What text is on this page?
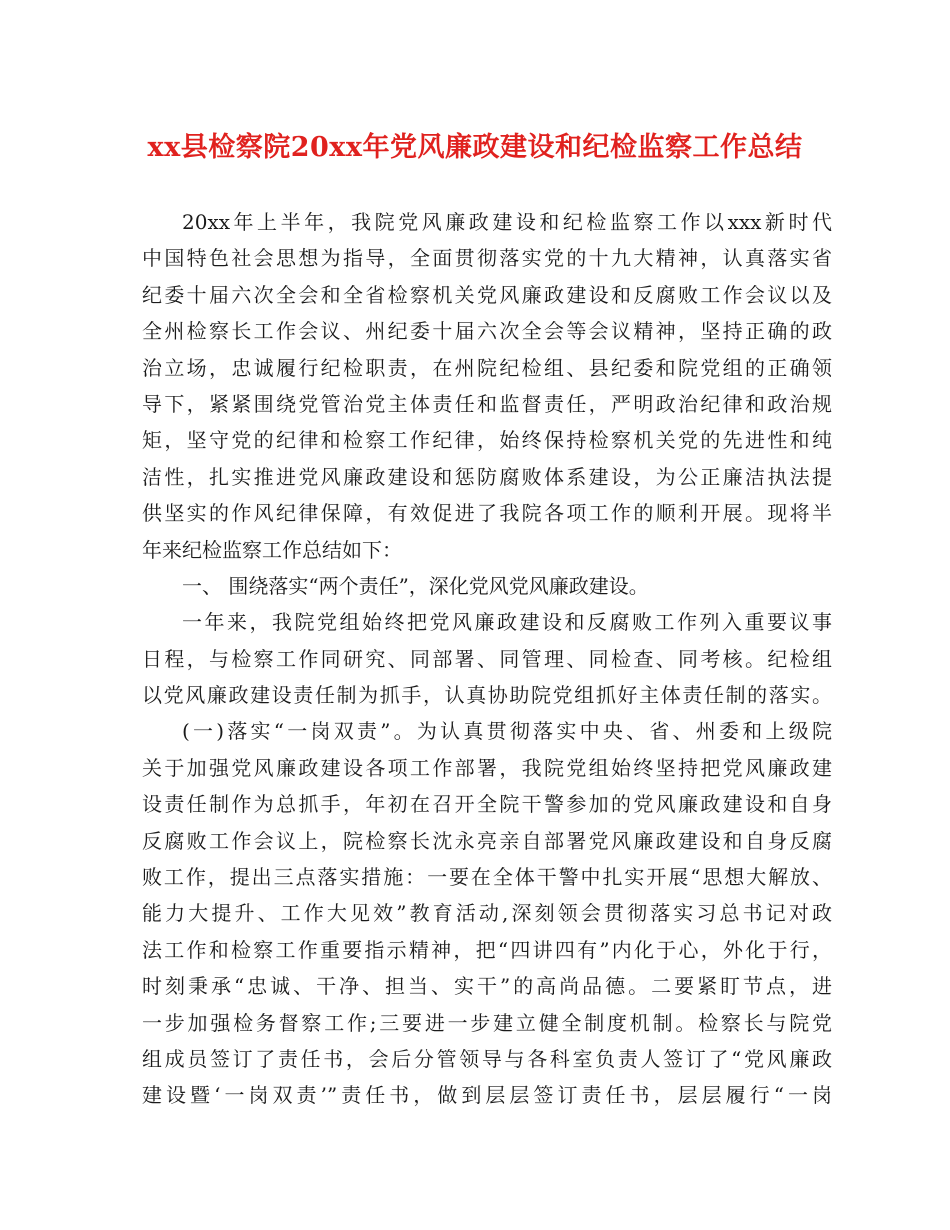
xx县检察院20xx年党风廉政建设和纪检监察工作总结
20xx年上半年，我院党风廉政建设和纪检监察工作以xxx新时代
中国特色社会思想为指导，全面贯彻落实党的十九大精神，认真落实省
纪委十届六次全会和全省检察机关党风廉政建设和反腐败工作会议以及
全州检察长工作会议、州纪委十届六次全会等会议精神，坚持正确的政
治立场，忠诚履行纪检职责，在州院纪检组、县纪委和院党组的正确领
导下，紧紧围绕党管治党主体责任和监督责任，严明政治纪律和政治规
矩，坚守党的纪律和检察工作纪律，始终保持检察机关党的先进性和纯
洁性，扎实推进党风廉政建设和惩防腐败体系建设，为公正廉洁执法提
供坚实的作风纪律保障，有效促进了我院各项工作的顺利开展。现将半
年来纪检监察工作总结如下：
一、 围绕落实“两个责任”，深化党风党风廉政建设。
一年来，我院党组始终把党风廉政建设和反腐败工作列入重要议事
日程，与检察工作同研究、同部署、同管理、同检查、同考核。纪检组
以党风廉政建设责任制为抓手，认真协助院党组抓好主体责任制的落实。
(一)落实“一岗双责”。为认真贯彻落实中央、省、州委和上级院
关于加强党风廉政建设各项工作部署，我院党组始终坚持把党风廉政建
设责任制作为总抓手，年初在召开全院干警参加的党风廉政建设和自身
反腐败工作会议上，院检察长沈永亮亲自部署党风廉政建设和自身反腐
败工作，提出三点落实措施：一要在全体干警中扎实开展“思想大解放、
能力大提升、工作大见效”教育活动,深刻领会贯彻落实习总书记对政
法工作和检察工作重要指示精神，把“四讲四有”内化于心，外化于行，
时刻秉承“忠诚、干净、担当、实干”的高尚品德。二要紧盯节点，进
一步加强检务督察工作;三要进一步建立健全制度机制。检察长与院党
组成员签订了责任书，会后分管领导与各科室负责人签订了“党风廉政
建设暨‘一岗双责’”责任书，做到层层签订责任书，层层履行“一岗
